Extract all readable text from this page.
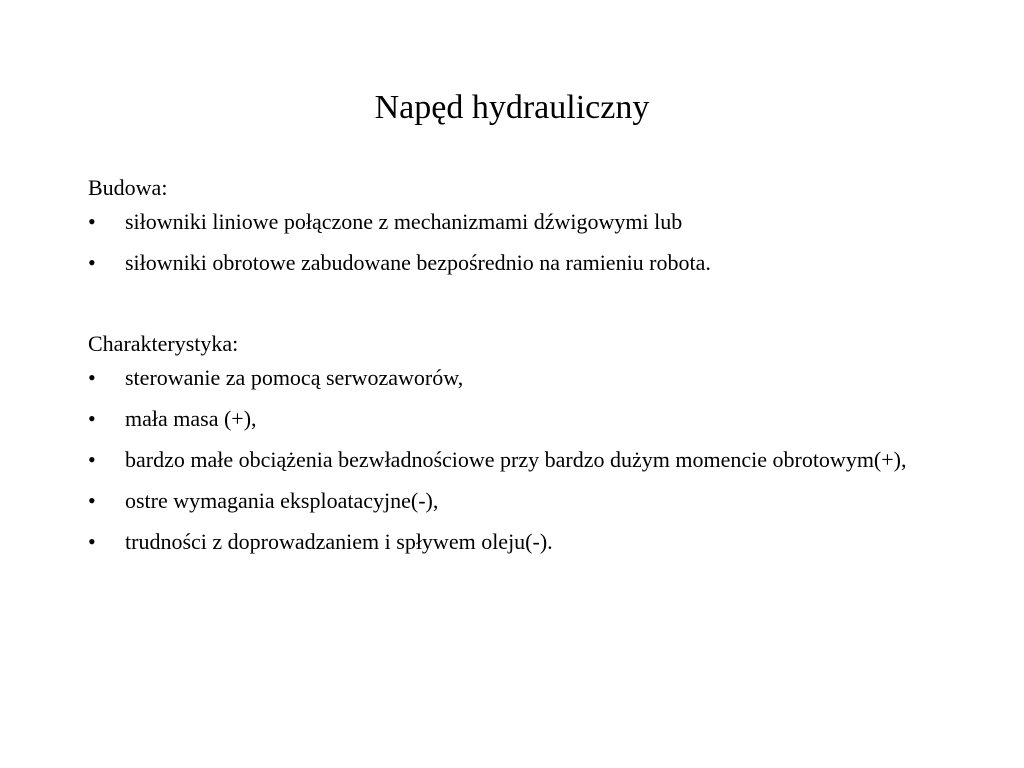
Napęd hydrauliczny

Budowa:

• siłowniki liniowe połączone z mechanizmami dźwigowymi lub
• siłowniki obrotowe zabudowane bezpośrednio na ramieniu robota.

Charakterystyka:

• sterowanie za pomocą serwozaworów,
• mała masa (+),
• bardzo małe obciążenia bezwładnościowe przy bardzo dużym momencie obrotowym(+),
• ostre wymagania eksploatacyjne(-),
• trudności z doprowadzaniem i spływem oleju(-).
